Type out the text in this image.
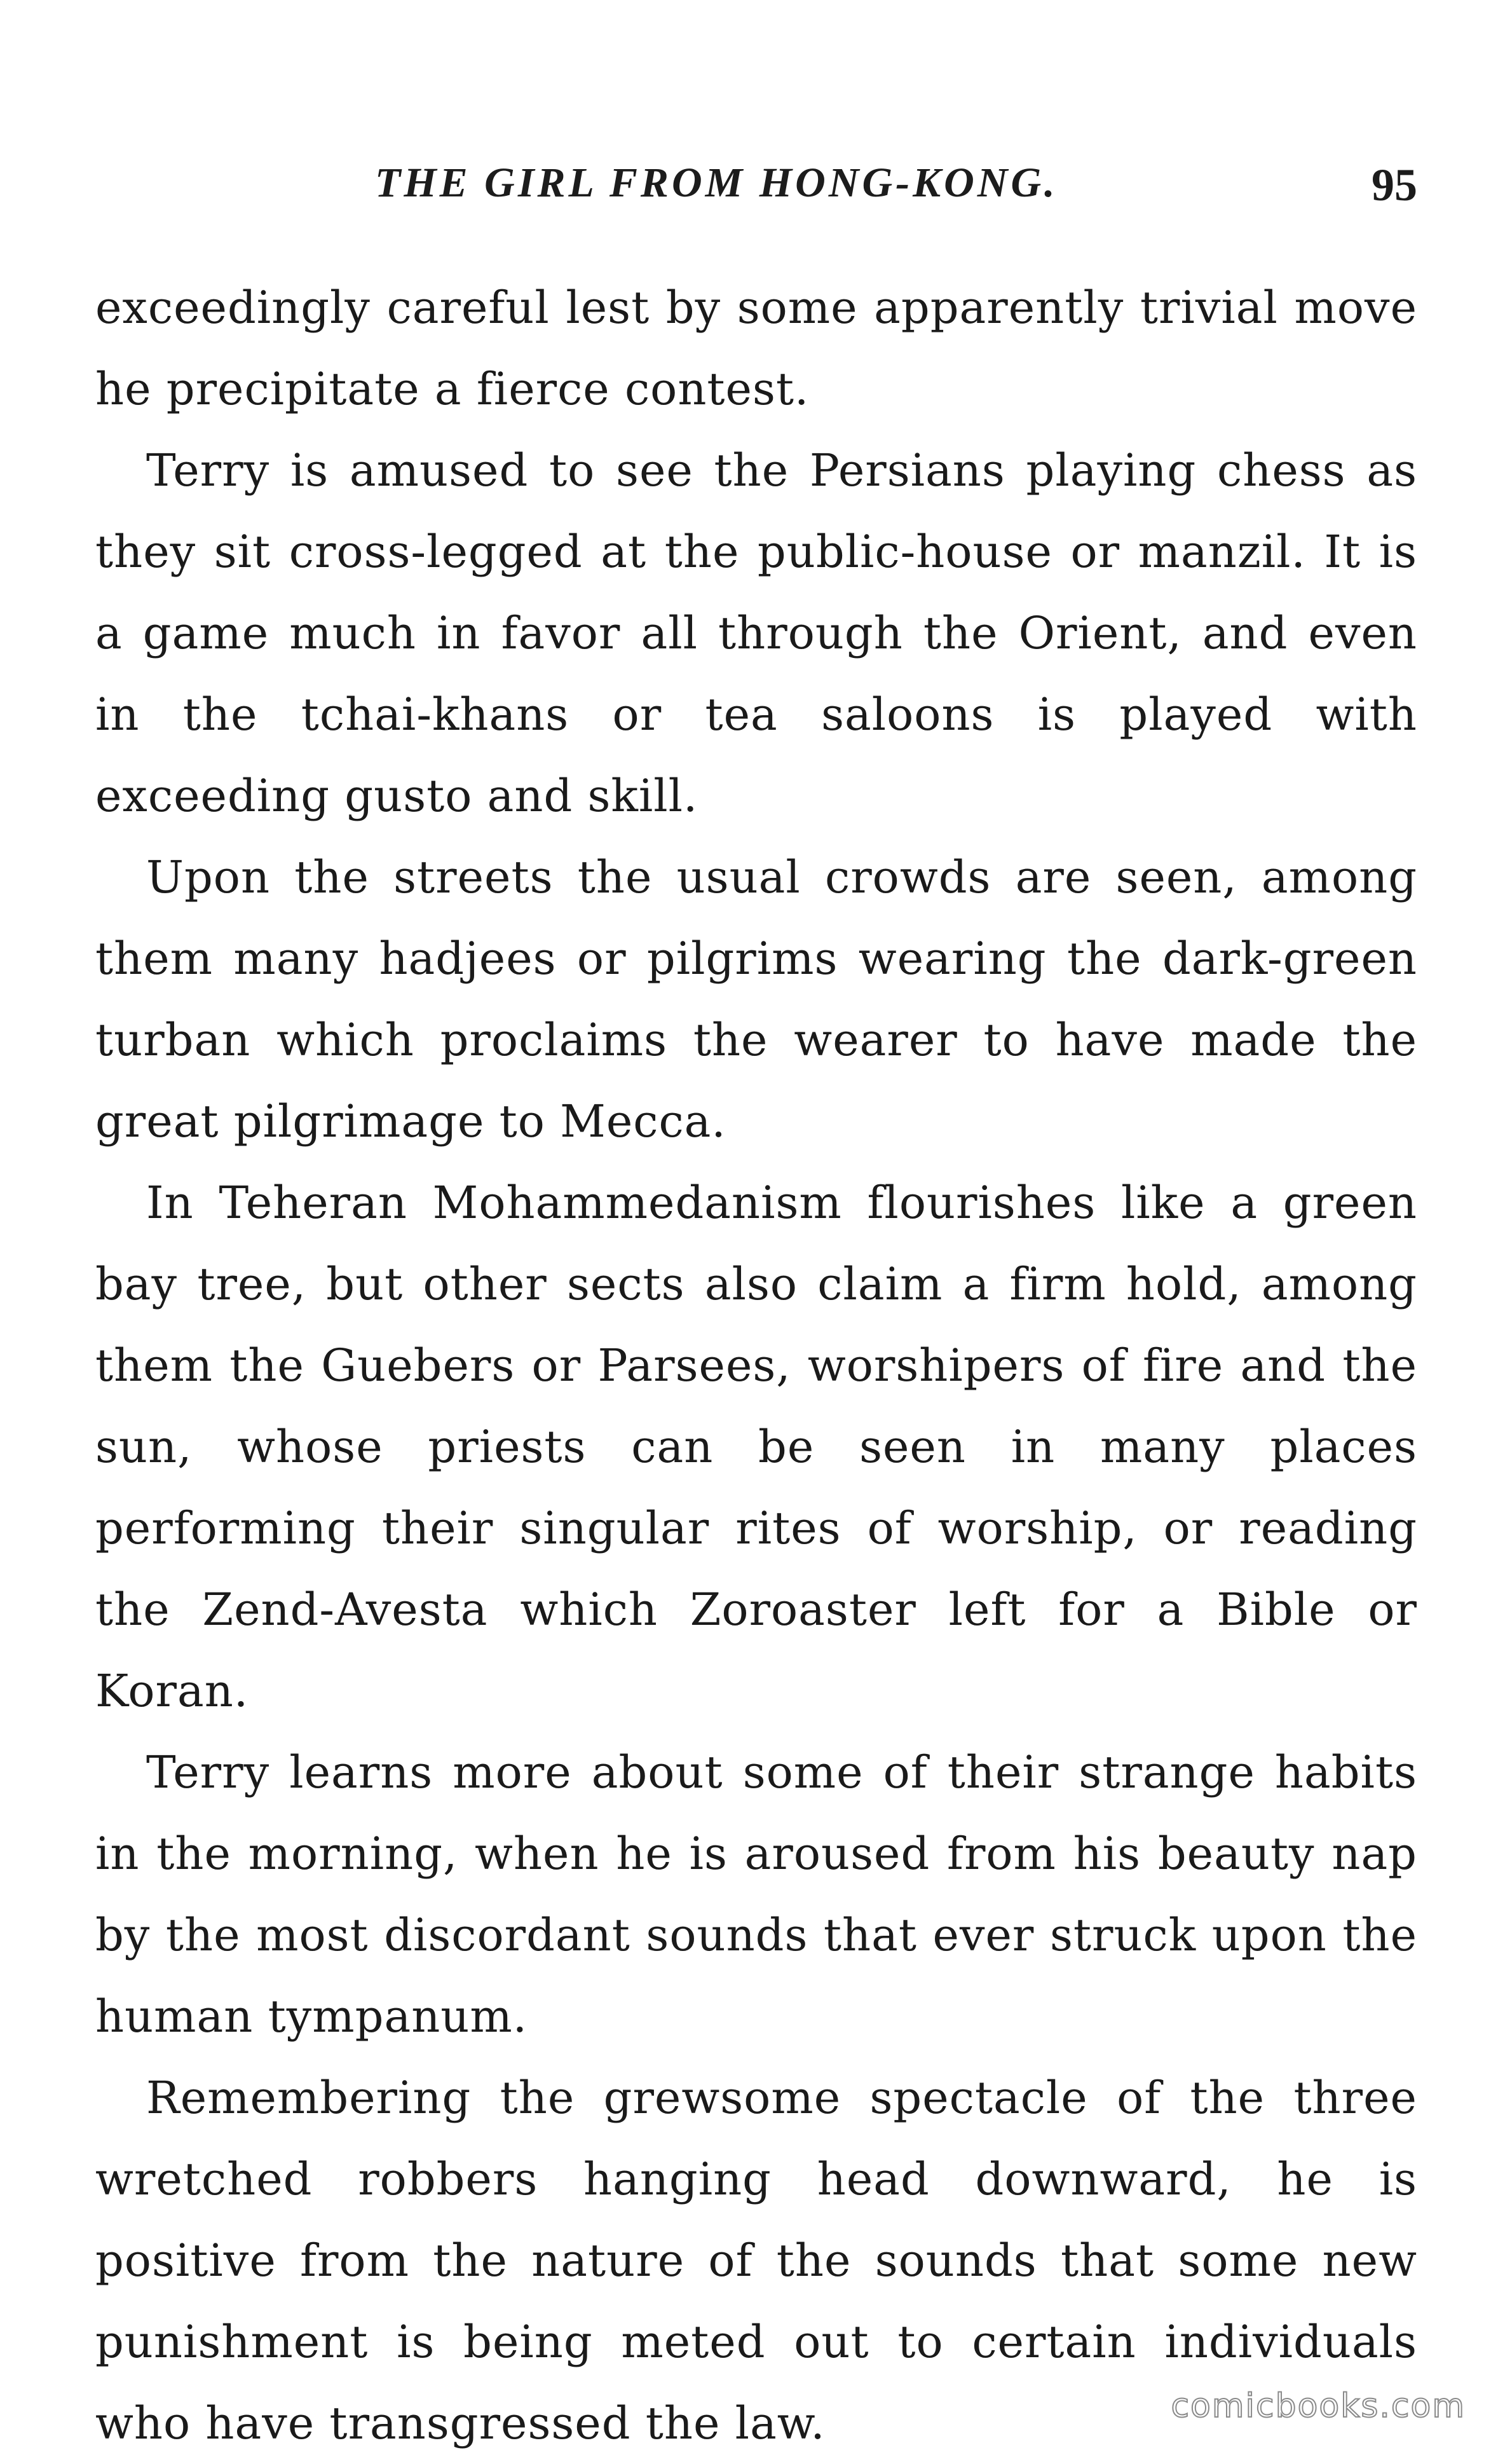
THE GIRL FROM HONG-KONG.	95

exceedingly careful lest by some apparently trivial move he precipitate a fierce contest.

Terry is amused to see the Persians playing chess as they sit cross-legged at the public-house or manzil. It is a game much in favor all through the Orient, and even in the tchai-khans or tea saloons is played with exceeding gusto and skill.

Upon the streets the usual crowds are seen, among them many hadjees or pilgrims wearing the dark-green turban which proclaims the wearer to have made the great pilgrimage to Mecca.

In Teheran Mohammedanism flourishes like a green bay tree, but other sects also claim a firm hold, among them the Guebers or Parsees, worshipers of fire and the sun, whose priests can be seen in many places performing their singular rites of worship, or reading the Zend-Avesta which Zoroaster left for a Bible or Koran.

Terry learns more about some of their strange habits in the morning, when he is aroused from his beauty nap by the most discordant sounds that ever struck upon the human tympanum.

Remembering the grewsome spectacle of the three wretched robbers hanging head downward, he is positive from the nature of the sounds that some new punishment is being meted out to certain individuals who have transgressed the law.	comicbooks.com
